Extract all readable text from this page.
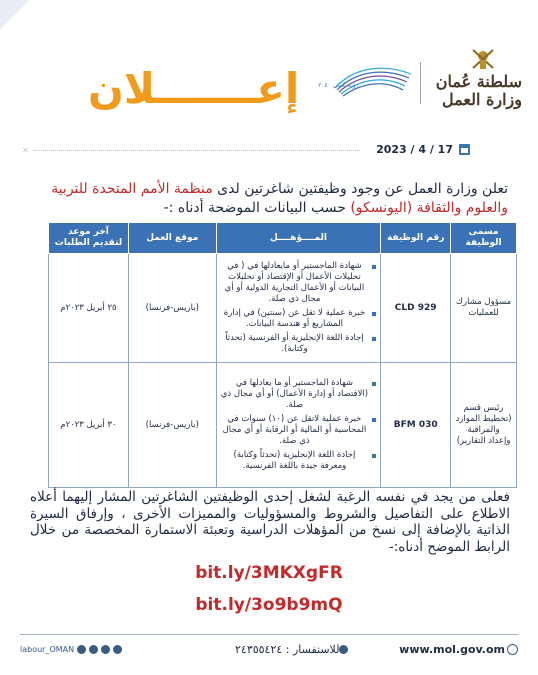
إعـــــــلان	رؤية عُمان ٢٠٤٠	سلطنة عُمان
وزارة العمل
✕	2023 / 4 / 17
تعلن وزارة العمل عن وجود وظيفتين شاغرتين لدى منظمة الأمم المتحدة للتربية والعلوم والثقافة (اليونسكو) حسب البيانات الموضحة أدناه :-
مسمى الوظيفة	رقم الوظيفة	المــــؤهــــل	موقع العمل	آخر موعد لتقديم الطلبات
مسؤول مشارك للعمليات	CLD 929	شهادة الماجستير أو مايعادلها في ( في تحليلات الأعمال أو الإقتصاد أو تحليلات البيانات أو الأعمال التجارية الدولية أو أي مجال ذي صلة.
خبرة عملية لا تقل عن (سنتين) في إدارة المشاريع أو هندسة البيانات.
إجادة اللغة الإنجليزية أو الفرنسية (تحدثاً وكتابة).	(باريس-فرنسا)	٢٥ أبريل ٢٠٢٣م
رئيس قسم (تخطيط الموارد والمراقبة وإعداد التقارير)	BFM 030	شهادة الماجستير أو ما يعادلها في (الاقتصاد أو إدارة الأعمال) أو أي مجال ذي صلة.
خبرة عملية لاتقل عن (١٠) سنوات في المحاسبة أو المالية أو الرقابة أو أي مجال ذي صلة.
إجادة اللغة الإنجليزية (تحدثاً وكتابة) ومعرفة جيدة باللغة الفرنسية.	(باريس-فرنسا)	٣٠ أبريل ٢٠٢٣م
فعلى من يجد في نفسه الرغبة لشغل إحدى الوظيفتين الشاغرتين المشار إليهما أعلاه الاطلاع على التفاصيل والشروط والمسؤوليات والمميزات الأخرى ، وإرفاق السيرة الذاتية بالإضافة إلى نسخ من المؤهلات الدراسية وتعبئة الاستمارة المخصصة من خلال الرابط الموضح أدناه:-
bit.ly/3MKXgFR
bit.ly/3o9b9mQ
labour_OMAN	للاستفسار : ٢٤٣٥٥٤٢٤	www.mol.gov.om
